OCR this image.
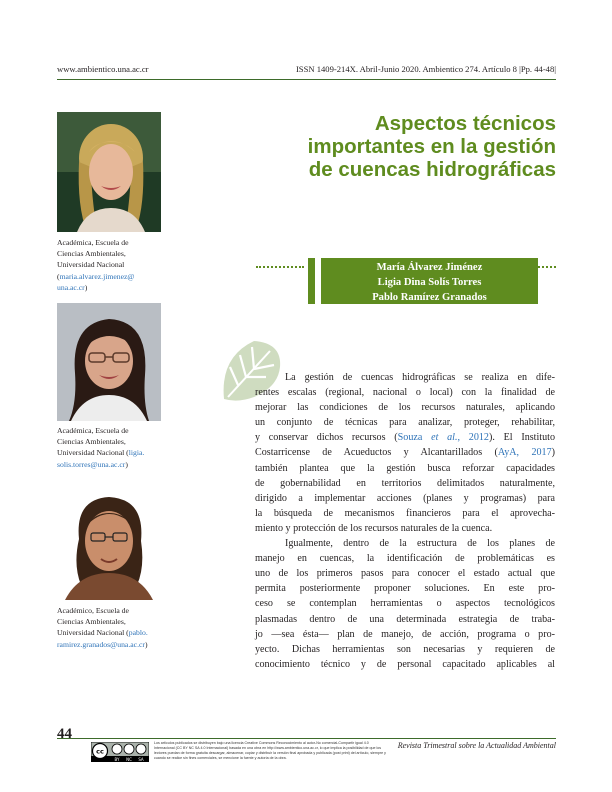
www.ambientico.una.ac.cr	ISSN 1409-214X. Abril-Junio 2020. Ambientico 274. Artículo 8 |Pp. 44-48|
Aspectos técnicos
importantes en la gestión
de cuencas hidrográficas
María Álvarez Jiménez
Ligia Dina Solís Torres
Pablo Ramírez Granados
Académica, Escuela de
Ciencias Ambientales,
Universidad Nacional
(maria.alvarez.jimenez@
una.ac.cr)
Académica, Escuela de
Ciencias Ambientales,
Universidad Nacional (ligia.
solis.torres@una.ac.cr)
Académico, Escuela de
Ciencias Ambientales,
Universidad Nacional (pablo.
ramirez.granados@una.ac.cr)

La gestión de cuencas hidrográficas se realiza en dife-
rentes escalas (regional, nacional o local) con la finalidad de
mejorar las condiciones de los recursos naturales, aplicando
un conjunto de técnicas para analizar, proteger, rehabilitar,
y conservar dichos recursos (Souza et al., 2012). El Instituto
Costarricense de Acueductos y Alcantarillados (AyA, 2017)
también plantea que la gestión busca reforzar capacidades
de gobernabilidad en territorios delimitados naturalmente,
dirigido a implementar acciones (planes y programas) para
la búsqueda de mecanismos financieros para el aprovecha-
miento y protección de los recursos naturales de la cuenca.

Igualmente, dentro de la estructura de los planes de
manejo en cuencas, la identificación de problemáticas es
uno de los primeros pasos para conocer el estado actual que
permita posteriormente proponer soluciones. En este pro-
ceso se contemplan herramientas o aspectos tecnológicos
plasmadas dentro de una determinada estrategia de traba-
jo —sea ésta— plan de manejo, de acción, programa o pro-
yecto. Dichas herramientas son necesarias y requieren de
conocimiento técnico y de personal capacitado aplicables al

44
cc
BY NC SA
Los artículos publicados se distribuyen bajo una licencia Creative Commons Reconocimiento al autor-No comercial-Compartir igual 4.0 Internacional (CC BY NC SA 4.0 Internacional) basada en una obra en http://www.ambientico.una.ac.cr, lo que implica la posibilidad de que los lectores puedan de forma gratuita descargar, almacenar, copiar y distribuir la versión final aprobada y publicada (post print) del artículo, siempre y cuando se realice sin fines comerciales, se mencione la fuente y autoría de la obra.
Revista Trimestral sobre la Actualidad Ambiental
